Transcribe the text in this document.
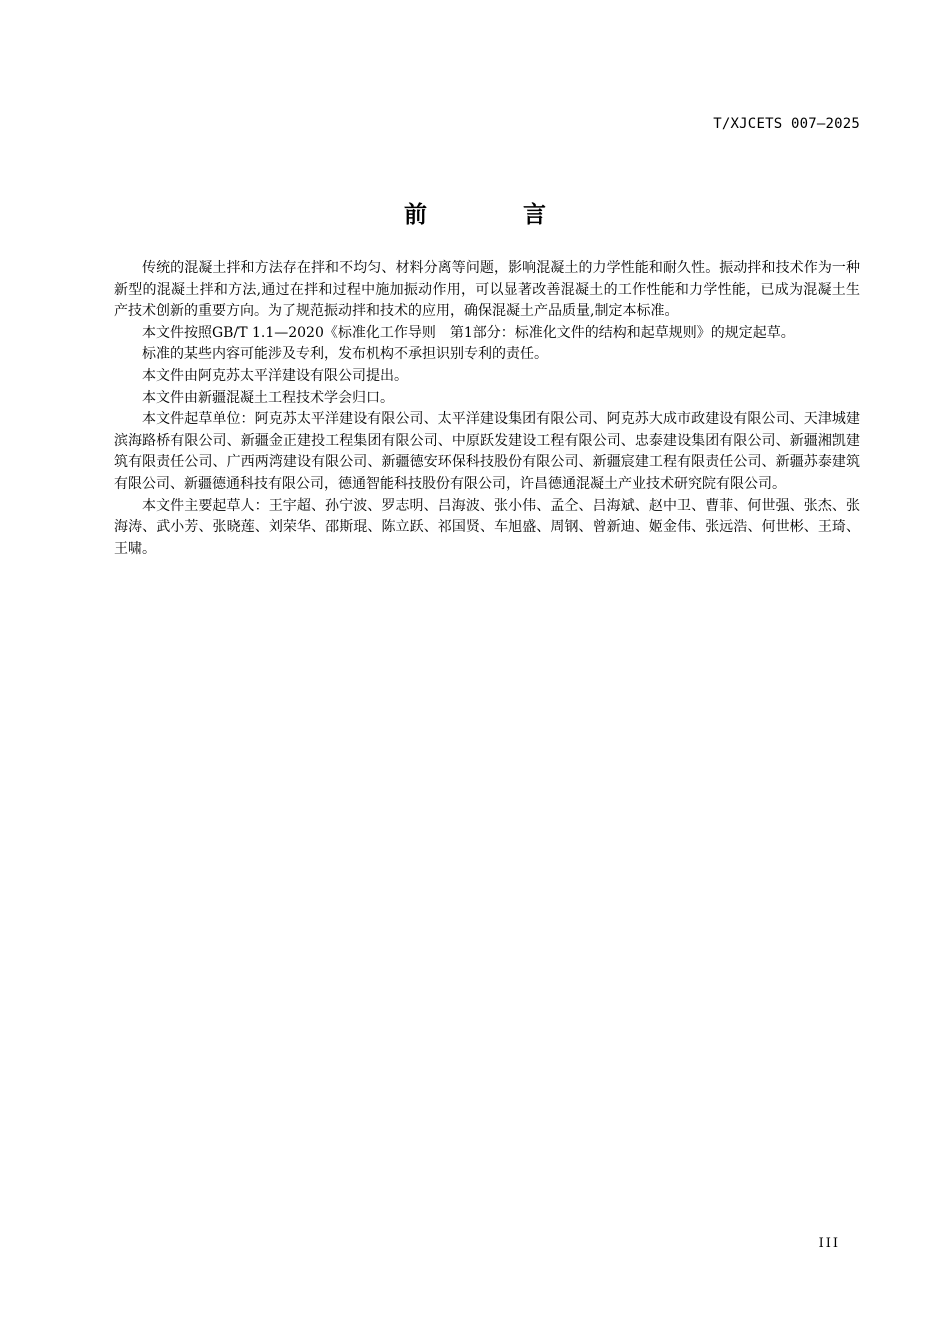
T/XJCETS 007—2025
前 言

传统的混凝土拌和方法存在拌和不均匀、材料分离等问题，影响混凝土的力学性能和耐久性。振动拌和技术作为一种新型的混凝土拌和方法,通过在拌和过程中施加振动作用，可以显著改善混凝土的工作性能和力学性能，已成为混凝土生产技术创新的重要方向。为了规范振动拌和技术的应用，确保混凝土产品质量,制定本标准。

本文件按照GB/T 1.1—2020《标准化工作导则　第1部分：标准化文件的结构和起草规则》的规定起草。

标准的某些内容可能涉及专利，发布机构不承担识别专利的责任。

本文件由阿克苏太平洋建设有限公司提出。

本文件由新疆混凝土工程技术学会归口。

本文件起草单位：阿克苏太平洋建设有限公司、太平洋建设集团有限公司、阿克苏大成市政建设有限公司、天津城建滨海路桥有限公司、新疆金正建投工程集团有限公司、中原跃发建设工程有限公司、忠泰建设集团有限公司、新疆湘凯建筑有限责任公司、广西两湾建设有限公司、新疆德安环保科技股份有限公司、新疆宸建工程有限责任公司、新疆苏泰建筑有限公司、新疆德通科技有限公司，德通智能科技股份有限公司，许昌德通混凝土产业技术研究院有限公司。

本文件主要起草人：王宇超、孙宁波、罗志明、吕海波、张小伟、孟仝、吕海斌、赵中卫、曹菲、何世强、张杰、张海涛、武小芳、张晓莲、刘荣华、邵斯琨、陈立跃、祁国贤、车旭盛、周钢、曾新迪、姬金伟、张远浩、何世彬、王琦、王啸。

III
